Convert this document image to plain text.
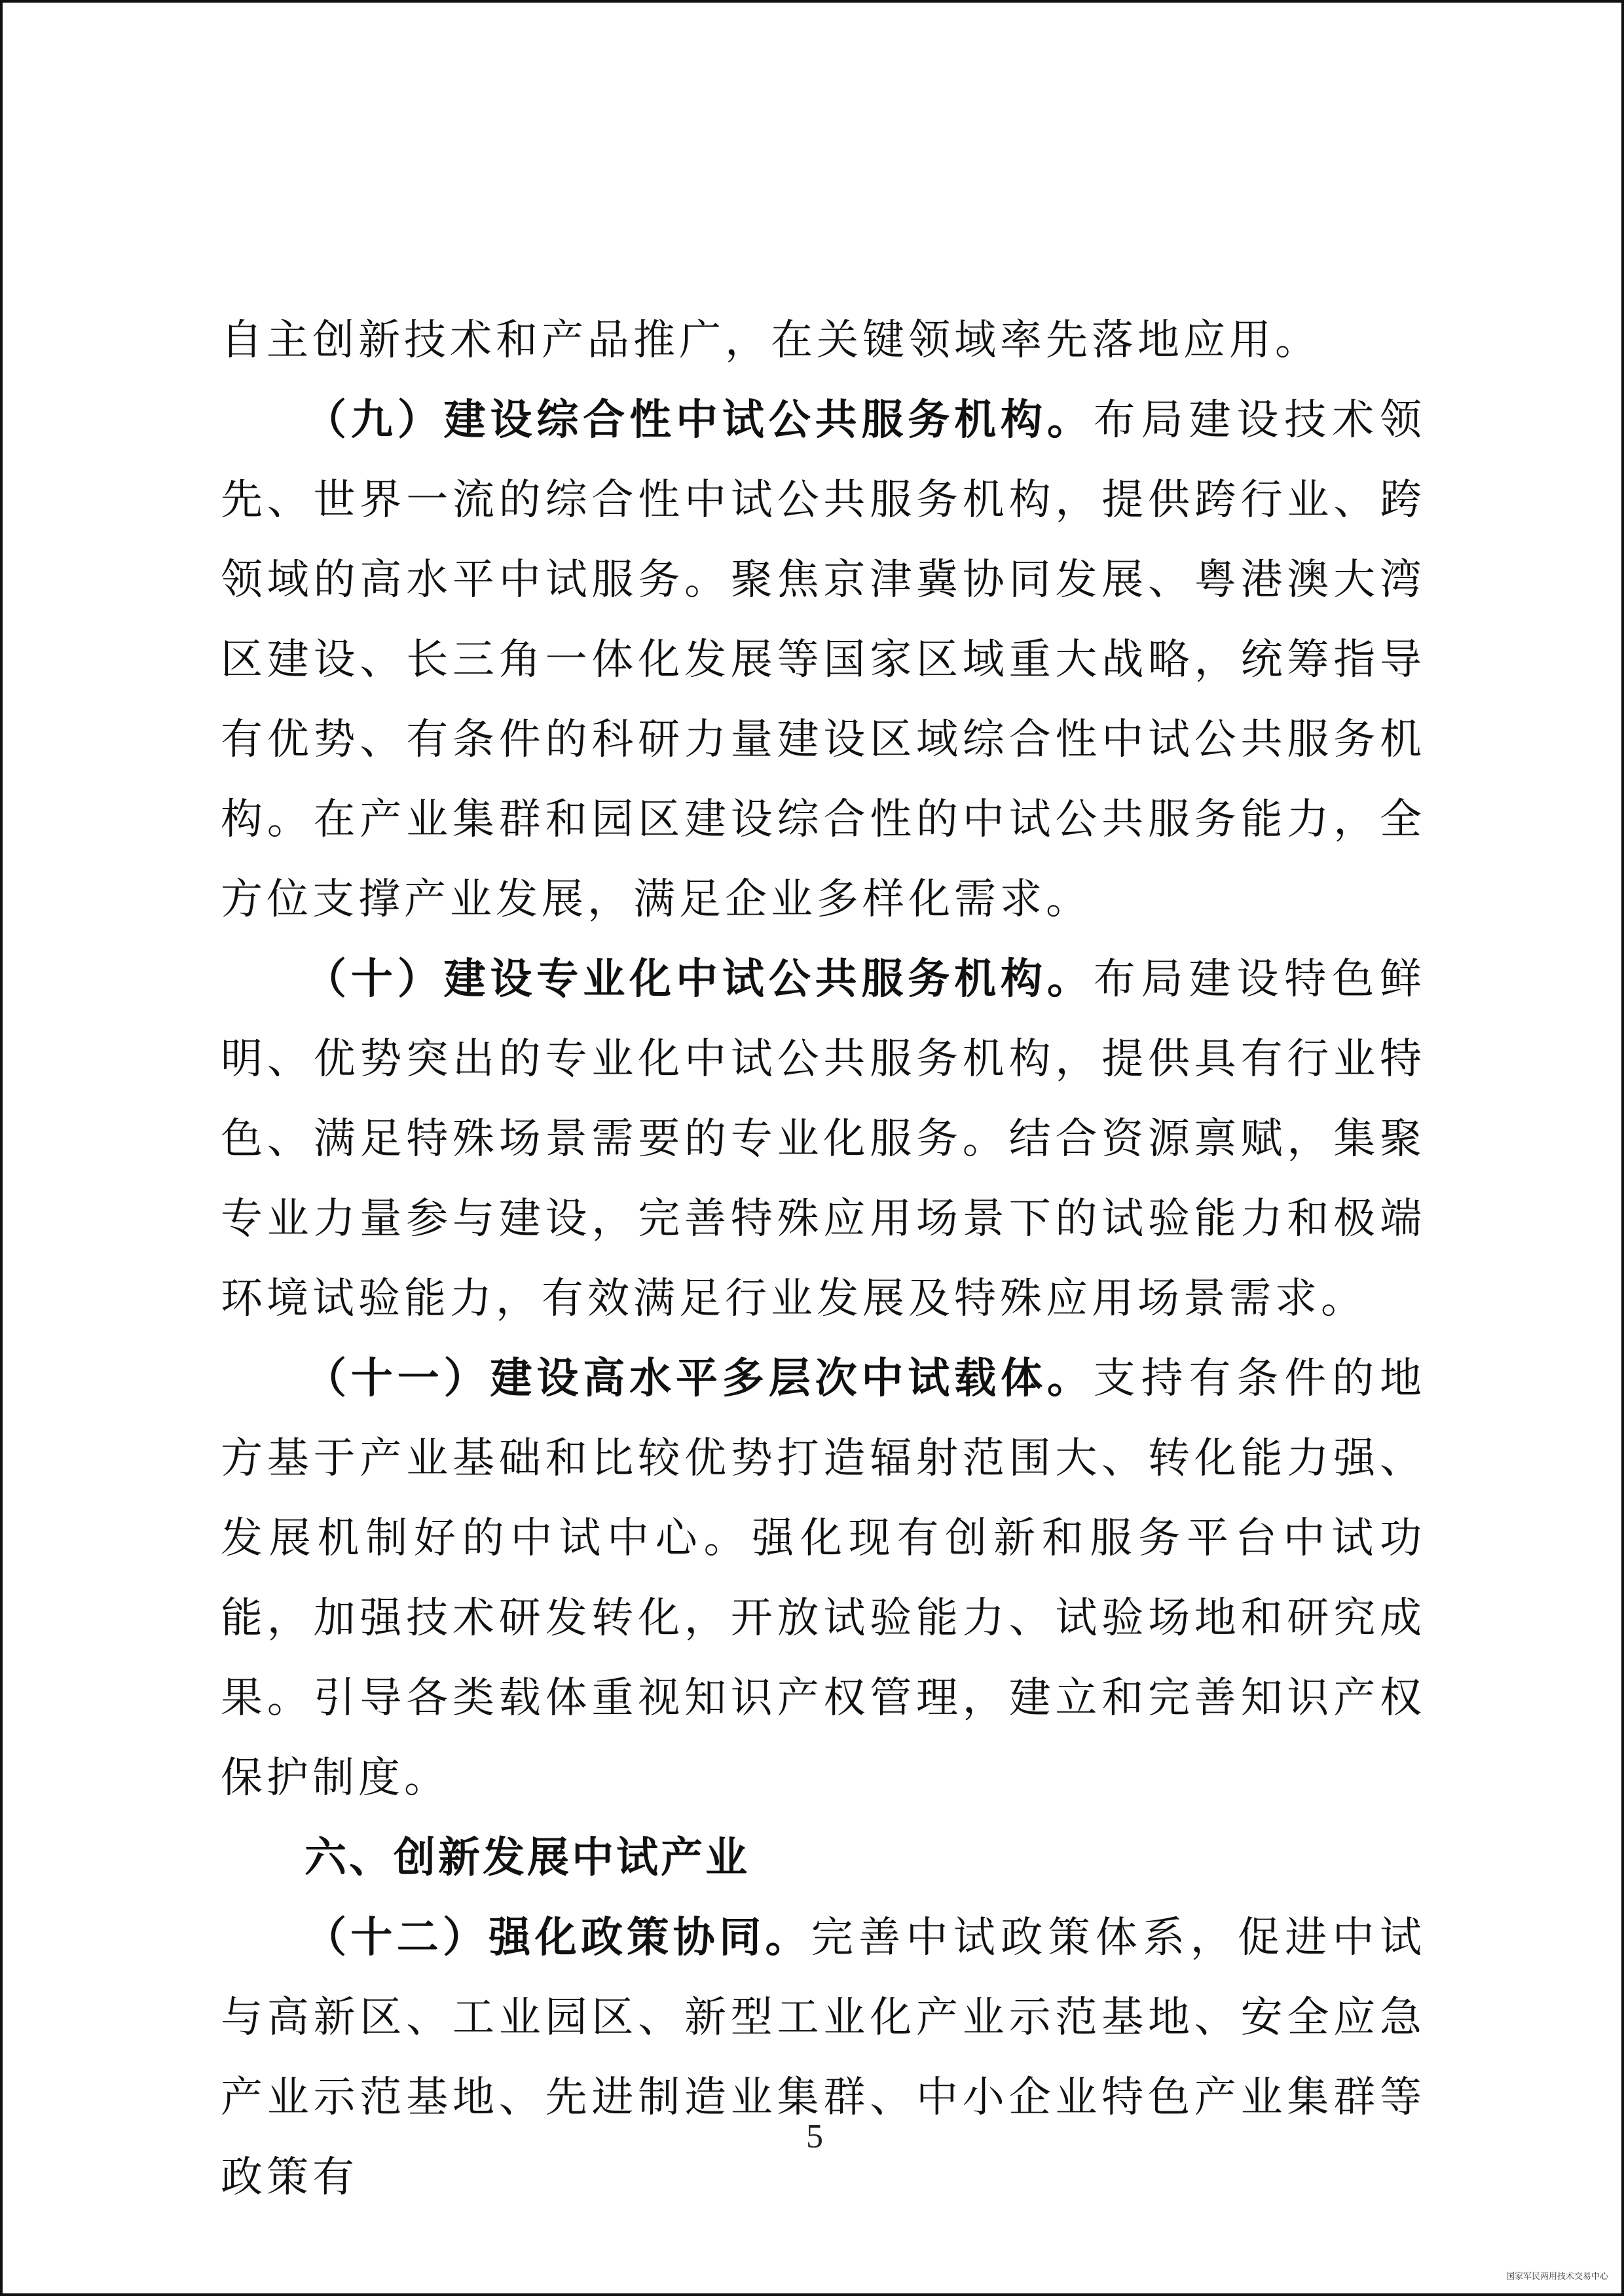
自主创新技术和产品推广，在关键领域率先落地应用。

（九）建设综合性中试公共服务机构。布局建设技术领先、世界一流的综合性中试公共服务机构，提供跨行业、跨领域的高水平中试服务。聚焦京津冀协同发展、粤港澳大湾区建设、长三角一体化发展等国家区域重大战略，统筹指导有优势、有条件的科研力量建设区域综合性中试公共服务机构。在产业集群和园区建设综合性的中试公共服务能力，全方位支撑产业发展，满足企业多样化需求。

（十）建设专业化中试公共服务机构。布局建设特色鲜明、优势突出的专业化中试公共服务机构，提供具有行业特色、满足特殊场景需要的专业化服务。结合资源禀赋，集聚专业力量参与建设，完善特殊应用场景下的试验能力和极端环境试验能力，有效满足行业发展及特殊应用场景需求。

（十一）建设高水平多层次中试载体。支持有条件的地方基于产业基础和比较优势打造辐射范围大、转化能力强、发展机制好的中试中心。强化现有创新和服务平台中试功能，加强技术研发转化，开放试验能力、试验场地和研究成果。引导各类载体重视知识产权管理，建立和完善知识产权保护制度。

六、创新发展中试产业

（十二）强化政策协同。完善中试政策体系，促进中试与高新区、工业园区、新型工业化产业示范基地、安全应急产业示范基地、先进制造业集群、中小企业特色产业集群等政策有

5
国家军民两用技术交易中心
